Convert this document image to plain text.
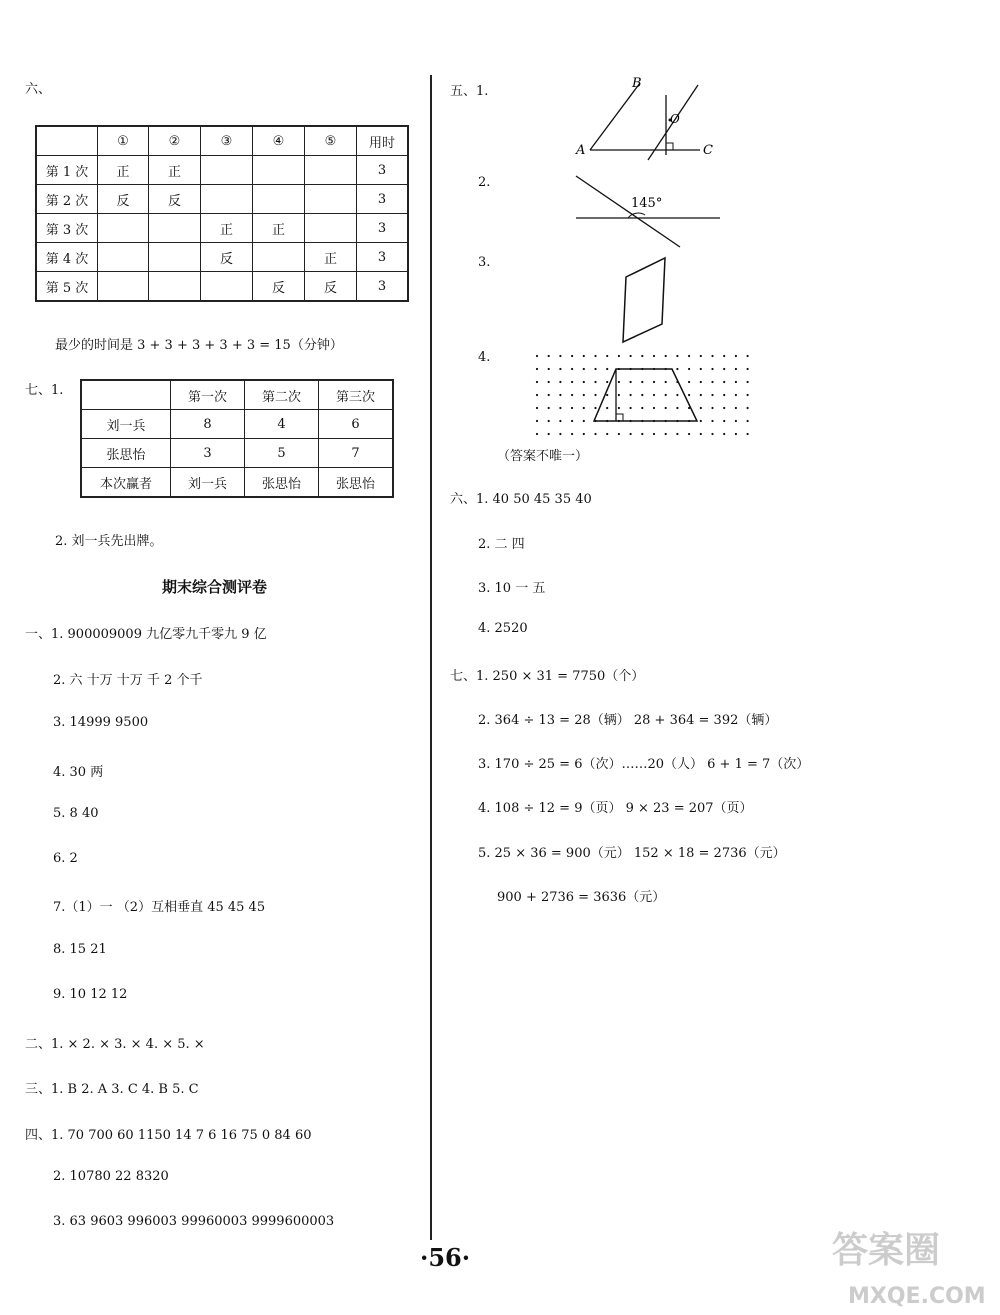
六、
	①	②	③	④	⑤	用时
第 1 次	正	正				3
第 2 次	反	反				3
第 3 次			正	正		3
第 4 次			反		正	3
第 5 次				反	反	3
最少的时间是 3 + 3 + 3 + 3 + 3 = 15（分钟）
七、1.
		第一次	第二次	第三次
刘一兵	8	4	6
张思怡	3	5	7
本次赢者	刘一兵	张思怡	张思怡
2. 刘一兵先出牌。
期末综合测评卷
一、1. 900009009 九亿零九千零九 9 亿
2. 六 十万 十万 千 2 个千
3. 14999 9500
4. 30 两
5. 8 40
6. 2
7.（1）一 （2）互相垂直 45 45 45
8. 15 21
9. 10 12 12
二、1. × 2. × 3. × 4. × 5. ×
三、1. B 2. A 3. C 4. B 5. C
四、1. 70 700 60 1150 14 7 6 16 75 0 84 60
2. 10780 22 8320
3. 63 9603 996003 99960003 9999600003
五、1.
A
B
C
O
2.
145°
3.
4.
（答案不唯一）
六、1. 40 50 45 35 40
2. 二 四
3. 10 一 五
4. 2520
七、1. 250 × 31 = 7750（个）
2. 364 ÷ 13 = 28（辆） 28 + 364 = 392（辆）
3. 170 ÷ 25 = 6（次）……20（人） 6 + 1 = 7（次）
4. 108 ÷ 12 = 9（页） 9 × 23 = 207（页）
5. 25 × 36 = 900（元） 152 × 18 = 2736（元）
900 + 2736 = 3636（元）
·56·	答案圈
MXQE.COM
